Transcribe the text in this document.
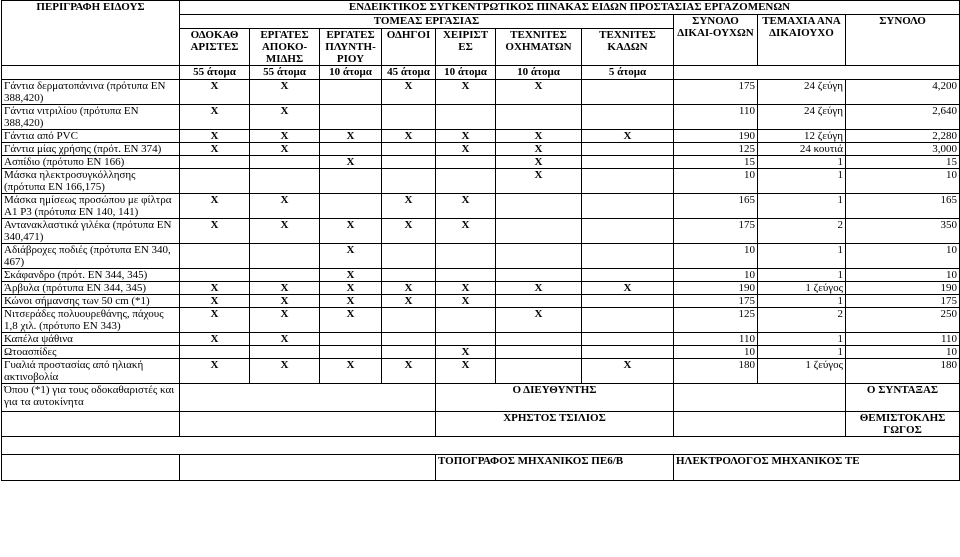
ΠΕΡΙΓΡΑΦΗ ΕΙΔΟΥΣ	ΕΝΔΕΙΚΤΙΚΟΣ ΣΥΓΚΕΝΤΡΩΤΙΚΟΣ ΠΙΝΑΚΑΣ ΕΙΔΩΝ ΠΡΟΣΤΑΣΙΑΣ ΕΡΓΑΖΟΜΕΝΩΝ									
	ΤΟΜΕΑΣ ΕΡΓΑΣΙΑΣ							ΣΥΝΟΛΟ ΔΙΚΑΙ-ΟΥΧΩΝ	ΤΕΜΑΧΙΑ ΑΝΑ ΔΙΚΑΙΟΥΧΟ	ΣΥΝΟΛΟ
	ΟΔΟΚΑΘ ΑΡΙΣΤΕΣ	ΕΡΓΑΤΕΣ ΑΠΟΚΟ-ΜΙΔΗΣ	ΕΡΓΑΤΕΣ ΠΛΥΝΤΗ-ΡΙΟΥ	ΟΔΗΓΟΙ	ΧΕΙΡΙΣΤ ΕΣ	ΤΕΧΝΙΤΕΣ ΟΧΗΜΑΤΩΝ	ΤΕΧΝΙΤΕΣ ΚΑΔΩΝ			
	55 άτομα	55 άτομα	10 άτομα	45 άτομα	10 άτομα	10 άτομα	5 άτομα			
Γάντια δερματοπάνινα (πρότυπα ΕΝ 388,420)	Χ	Χ		Χ	Χ	Χ		175	24 ζεύγη	4,200
Γάντια νιτριλίου (πρότυπα ΕΝ 388,420)	Χ	Χ						110	24 ζεύγη	2,640
Γάντια από PVC	Χ	Χ	Χ	Χ	Χ	Χ	Χ	190	12 ζεύγη	2,280
Γάντια μίας χρήσης (πρότ. ΕΝ 374)	Χ	Χ			Χ	Χ		125	24 κουτιά	3,000
Ασπίδιο (πρότυπο ΕΝ 166)			Χ			Χ		15	1	15
Μάσκα ηλεκτροσυγκόλλησης (πρότυπα ΕΝ 166,175)						Χ		10	1	10
Μάσκα ημίσεως προσώπου με φίλτρα Α1 Ρ3 (πρότυπα ΕΝ 140, 141)	Χ	Χ		Χ	Χ			165	1	165
Αντανακλαστικά γιλέκα (πρότυπα ΕΝ 340,471)	Χ	Χ	Χ	Χ	Χ			175	2	350
Αδιάβροχες ποδιές (πρότυπα ΕΝ 340, 467)			Χ					10	1	10
Σκάφανδρο (πρότ. ΕΝ 344, 345)			Χ					10	1	10
Άρβυλα (πρότυπα ΕΝ 344, 345)	Χ	Χ	Χ	Χ	Χ	Χ	Χ	190	1 ζεύγος	190
Κώνοι σήμανσης των 50 cm (*1)	Χ	Χ	Χ	Χ	Χ			175	1	175
Νιτσεράδες πολυουρεθάνης, πάχους 1,8 χιλ. (πρότυπο ΕΝ 343)	Χ	Χ	Χ			Χ		125	2	250
Καπέλα ψάθινα	Χ	Χ						110	1	110
Ωτοασπίδες					Χ			10	1	10
Γυαλιά προστασίας από ηλιακή ακτινοβολία	Χ	Χ	Χ	Χ	Χ		Χ	180	1 ζεύγος	180
Όπου (*1) για τους οδοκαθαριστές και για τα αυτοκίνητα					Ο ΔΙΕΥΘΥΝΤΗΣ					Ο ΣΥΝΤΑΞΑΣ
					ΧΡΗΣΤΟΣ ΤΣΙΛΙΟΣ					ΘΕΜΙΣΤΟΚΛΗΣ ΓΩΓΟΣ

					ΤΟΠΟΓΡΑΦΟΣ ΜΗΧΑΝΙΚΟΣ ΠΕ6/Β			ΗΛΕΚΤΡΟΛΟΓΟΣ ΜΗΧΑΝΙΚΟΣ ΤΕ		
